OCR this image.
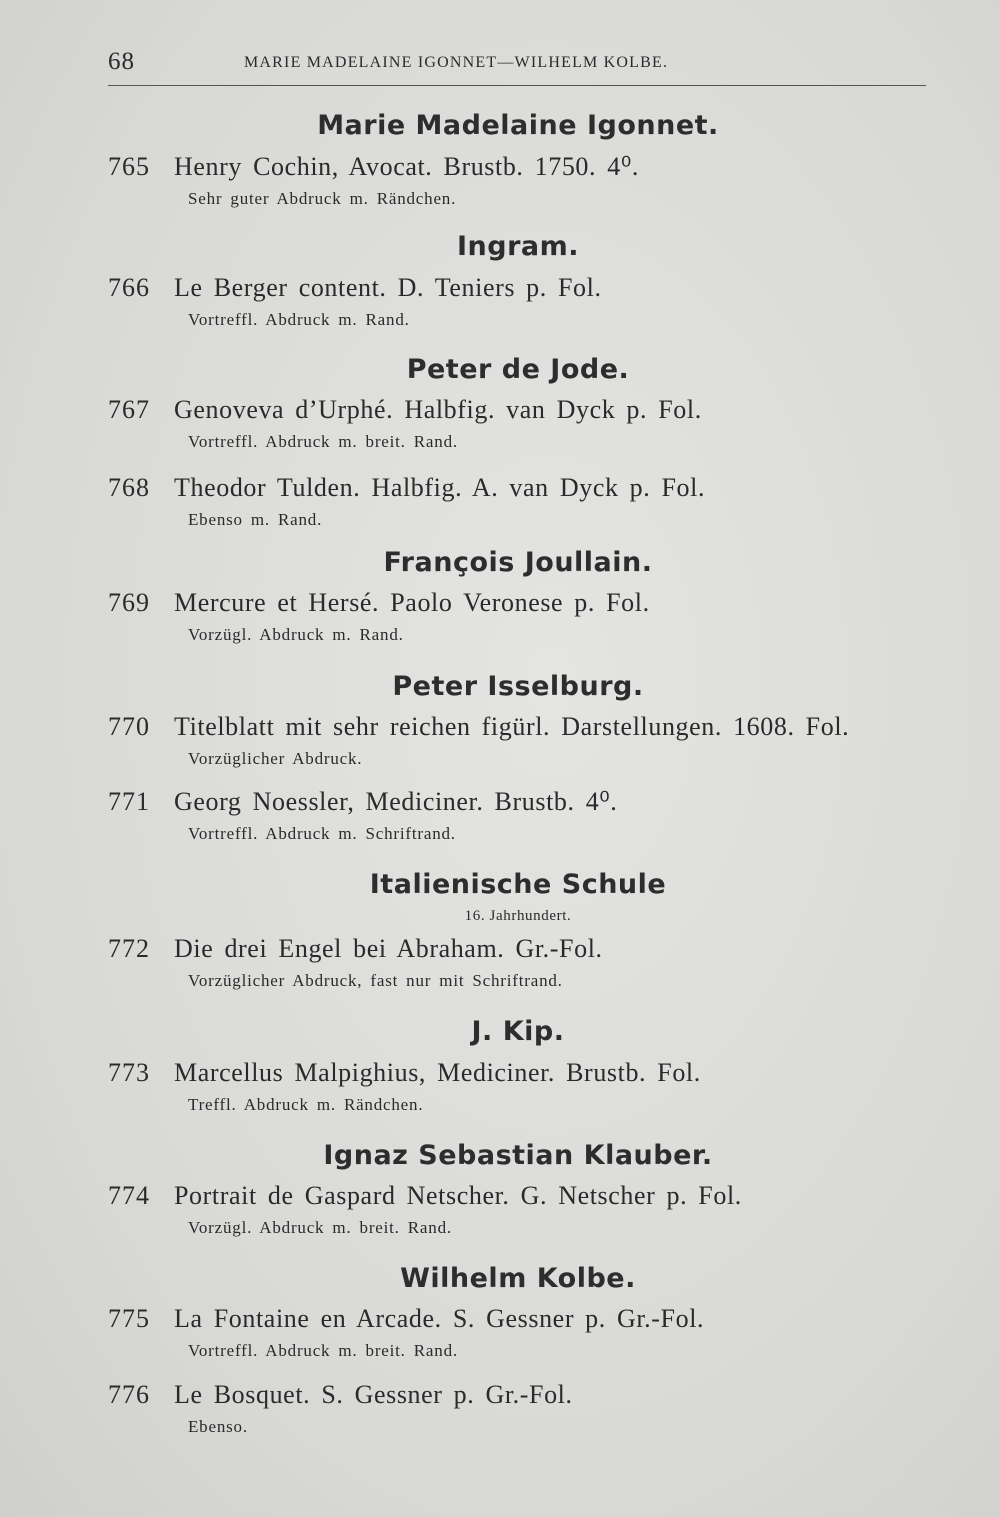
68	MARIE MADELAINE IGONNET—WILHELM KOLBE.
Marie Madelaine Igonnet.
765 Henry Cochin, Avocat. Brustb. 1750. 4⁰.
Sehr guter Abdruck m. Rändchen.
Ingram.
766 Le Berger content. D. Teniers p. Fol.
Vortreffl. Abdruck m. Rand.
Peter de Jode.
767 Genoveva d’Urphé. Halbfig. van Dyck p. Fol.
Vortreffl. Abdruck m. breit. Rand.
768 Theodor Tulden. Halbfig. A. van Dyck p. Fol.
Ebenso m. Rand.
François Joullain.
769 Mercure et Hersé. Paolo Veronese p. Fol.
Vorzügl. Abdruck m. Rand.
Peter Isselburg.
770 Titelblatt mit sehr reichen figürl. Darstellungen. 1608. Fol.
Vorzüglicher Abdruck.
771 Georg Noessler, Mediciner. Brustb. 4⁰.
Vortreffl. Abdruck m. Schriftrand.
Italienische Schule
16. Jahrhundert.
772 Die drei Engel bei Abraham. Gr.-Fol.
Vorzüglicher Abdruck, fast nur mit Schriftrand.
J. Kip.
773 Marcellus Malpighius, Mediciner. Brustb. Fol.
Treffl. Abdruck m. Rändchen.
Ignaz Sebastian Klauber.
774 Portrait de Gaspard Netscher. G. Netscher p. Fol.
Vorzügl. Abdruck m. breit. Rand.
Wilhelm Kolbe.
775 La Fontaine en Arcade. S. Gessner p. Gr.-Fol.
Vortreffl. Abdruck m. breit. Rand.
776 Le Bosquet. S. Gessner p. Gr.-Fol.
Ebenso.
